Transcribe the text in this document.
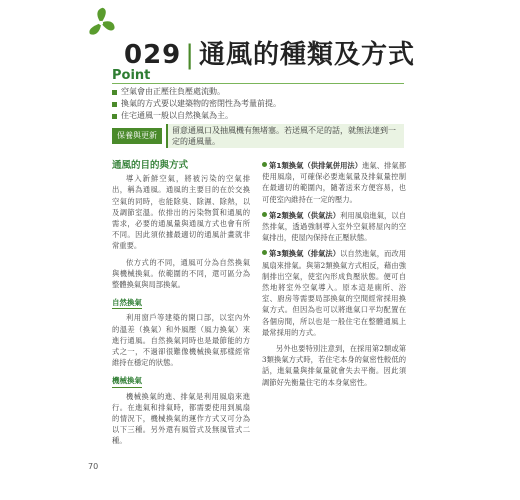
029 | 通風的種類及方式
Point
空氣會由正壓往負壓處流動。
換氣的方式要以建築物的密閉性為考量前提。
住宅通風一般以自然換氣為主。
保養與更新
留意通風口及抽風機有無堵塞。若送風不足的話，就無法達到一定的通風量。
通風的目的與方式

導入新鮮空氣，將被污染的空氣排出，稱為通風。通風的主要目的在於交換空氣的同時，也能除臭、除濕、除熱，以及調節室溫。依排出的污染物質和通風的需求，必要的通風量與通風方式也會有所不同。因此須依據最適切的通風計畫就非常重要。

依方式的不同，通風可分為自然換氣與機械換氣。依範圍的不同，還可區分為整體換氣與局部換氣。

自然換氣

利用窗戶等建築的開口部，以室內外的溫差（換氣）和外風壓（風力換氣）來進行通風。自然換氣同時也是最節能的方式之一，不過卻很難像機械換氣那樣經常維持在穩定的狀態。

機械換氣

機械換氣的進、排氣是利用風扇來進行。在進氣和排氣時，都需要使用到風扇的情況下，機械換氣的運作方式又可分為以下三種。另外還有風管式及無風管式二種。

第1類換氣（供排氣併用法）進氣、排氣都使用風扇，可確保必要進氣量及排氣量控制在最適切的範圍內，隨著送來方便容易，也可使室內維持在一定的壓力。

第2類換氣（供氣法）利用風扇進氣，以自然排氣，透過強制導入室外空氣將屋內的空氣排出，使屋內保持在正壓狀態。

第3類換氣（排氣法）以自然進氣，而改用風扇來排氣。與第2類換氣方式相反，藉由強制排出空氣，使室內形成負壓狀態。便可自然地將室外空氣導入。原本這是廁所、浴室、廚房等需要局部換氣的空間經常採用換氣方式。但因為也可以將進氣口平均配置在各個房間，所以也是一般住宅在整體通風上最常採用的方式。

另外也要特別注意到，在採用第2類或第3類換氣方式時，若住宅本身的氣密性較低的話，進氣量與排氣量就會失去平衡。因此須調節好先衡量住宅的本身氣密性。

70
